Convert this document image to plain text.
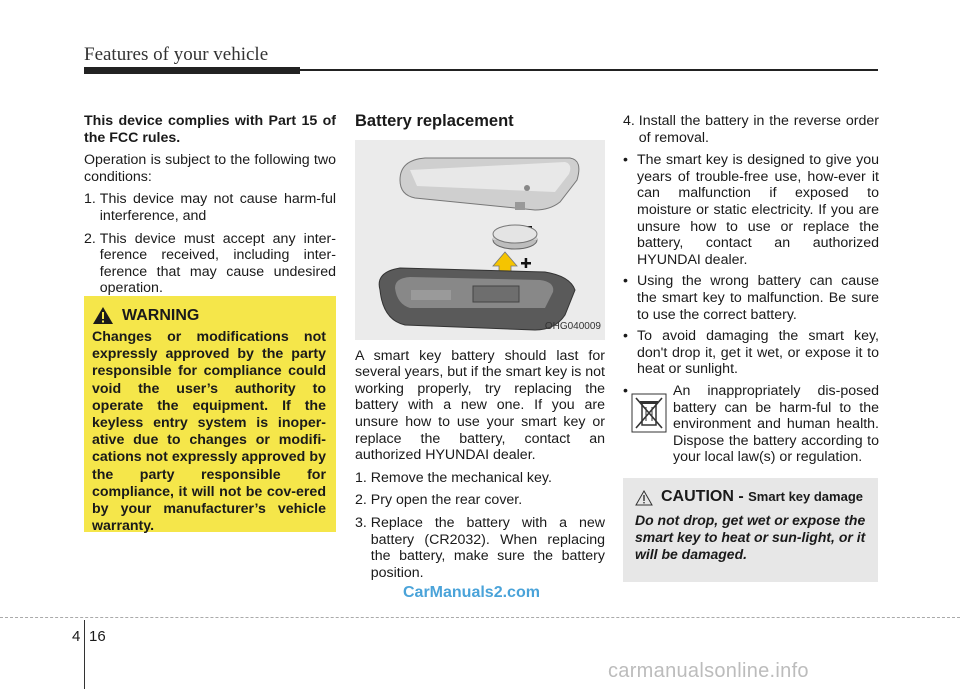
Features of your vehicle

This device complies with Part 15 of the FCC rules.

Operation is subject to the following two conditions:

1. This device may not cause harm-ful interference, and
2. This device must accept any inter-ference received, including inter-ference that may cause undesired operation.
WARNING
Changes or modifications not expressly approved by the party responsible for compliance could void the user’s authority to operate the equipment. If the keyless entry system is inoper-ative due to changes or modifi-cations not expressly approved by the party responsible for compliance, it will not be cov-ered by your manufacturer’s vehicle warranty.
Battery replacement
OHG040009

A smart key battery should last for several years, but if the smart key is not working properly, try replacing the battery with a new one. If you are unsure how to use your smart key or replace the battery, contact an authorized HYUNDAI dealer.

1. Remove the mechanical key.
2. Pry open the rear cover.
3. Replace the battery with a new battery (CR2032). When replacing the battery, make sure the battery position.
4. Install the battery in the reverse order of removal.
• The smart key is designed to give you years of trouble-free use, how-ever it can malfunction if exposed to moisture or static electricity. If you are unsure how to use or replace the battery, contact an authorized HYUNDAI dealer.
• Using the wrong battery can cause the smart key to malfunction. Be sure to use the correct battery.
• To avoid damaging the smart key, don't drop it, get it wet, or expose it to heat or sunlight.
•	An inappropriately dis-posed battery can be harm-ful to the environment and human health. Dispose the battery according to your local law(s) or regulation.
CAUTION - Smart key damage
Do not drop, get wet or expose the smart key to heat or sun-light, or it will be damaged.
CarManuals2.com
4 16
carmanualsonline.info
